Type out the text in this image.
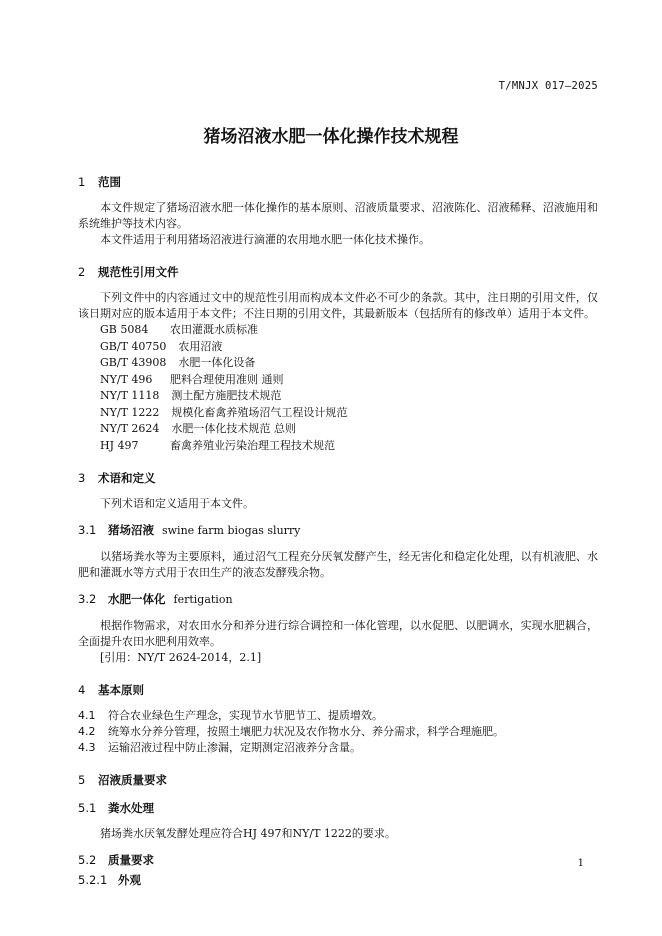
T/MNJX 017—2025
猪场沼液水肥一体化操作技术规程
1 范围

本文件规定了猪场沼液水肥一体化操作的基本原则、沼液质量要求、沼液陈化、沼液稀释、沼液施用和系统维护等技术内容。

本文件适用于利用猪场沼液进行滴灌的农用地水肥一体化技术操作。

2 规范性引用文件

下列文件中的内容通过文中的规范性引用而构成本文件必不可少的条款。其中，注日期的引用文件，仅该日期对应的版本适用于本文件；不注日期的引用文件，其最新版本（包括所有的修改单）适用于本文件。

GB 5084 农田灌溉水质标准
GB/T 40750 农用沼液
GB/T 43908 水肥一体化设备
NY/T 496 肥料合理使用准则 通则
NY/T 1118 测土配方施肥技术规范
NY/T 1222 规模化畜禽养殖场沼气工程设计规范
NY/T 2624 水肥一体化技术规范 总则
HJ 497	畜禽养殖业污染治理工程技术规范
3 术语和定义

下列术语和定义适用于本文件。

3.1 猪场沼液 swine farm biogas slurry

以猪场粪水等为主要原料，通过沼气工程充分厌氧发酵产生，经无害化和稳定化处理，以有机液肥、水肥和灌溉水等方式用于农田生产的液态发酵残余物。

3.2 水肥一体化 fertigation

根据作物需求，对农田水分和养分进行综合调控和一体化管理，以水促肥、以肥调水，实现水肥耦合，全面提升农田水肥利用效率。

[引用：NY/T 2624-2014，2.1]

4 基本原则
4.1 符合农业绿色生产理念，实现节水节肥节工、提质增效。
4.2 统筹水分养分管理，按照土壤肥力状况及农作物水分、养分需求，科学合理施肥。
4.3 运输沼液过程中防止渗漏，定期测定沼液养分含量。
5 沼液质量要求
5.1 粪水处理

猪场粪水厌氧发酵处理应符合HJ 497和NY/T 1222的要求。

5.2 质量要求
5.2.1 外观
1
